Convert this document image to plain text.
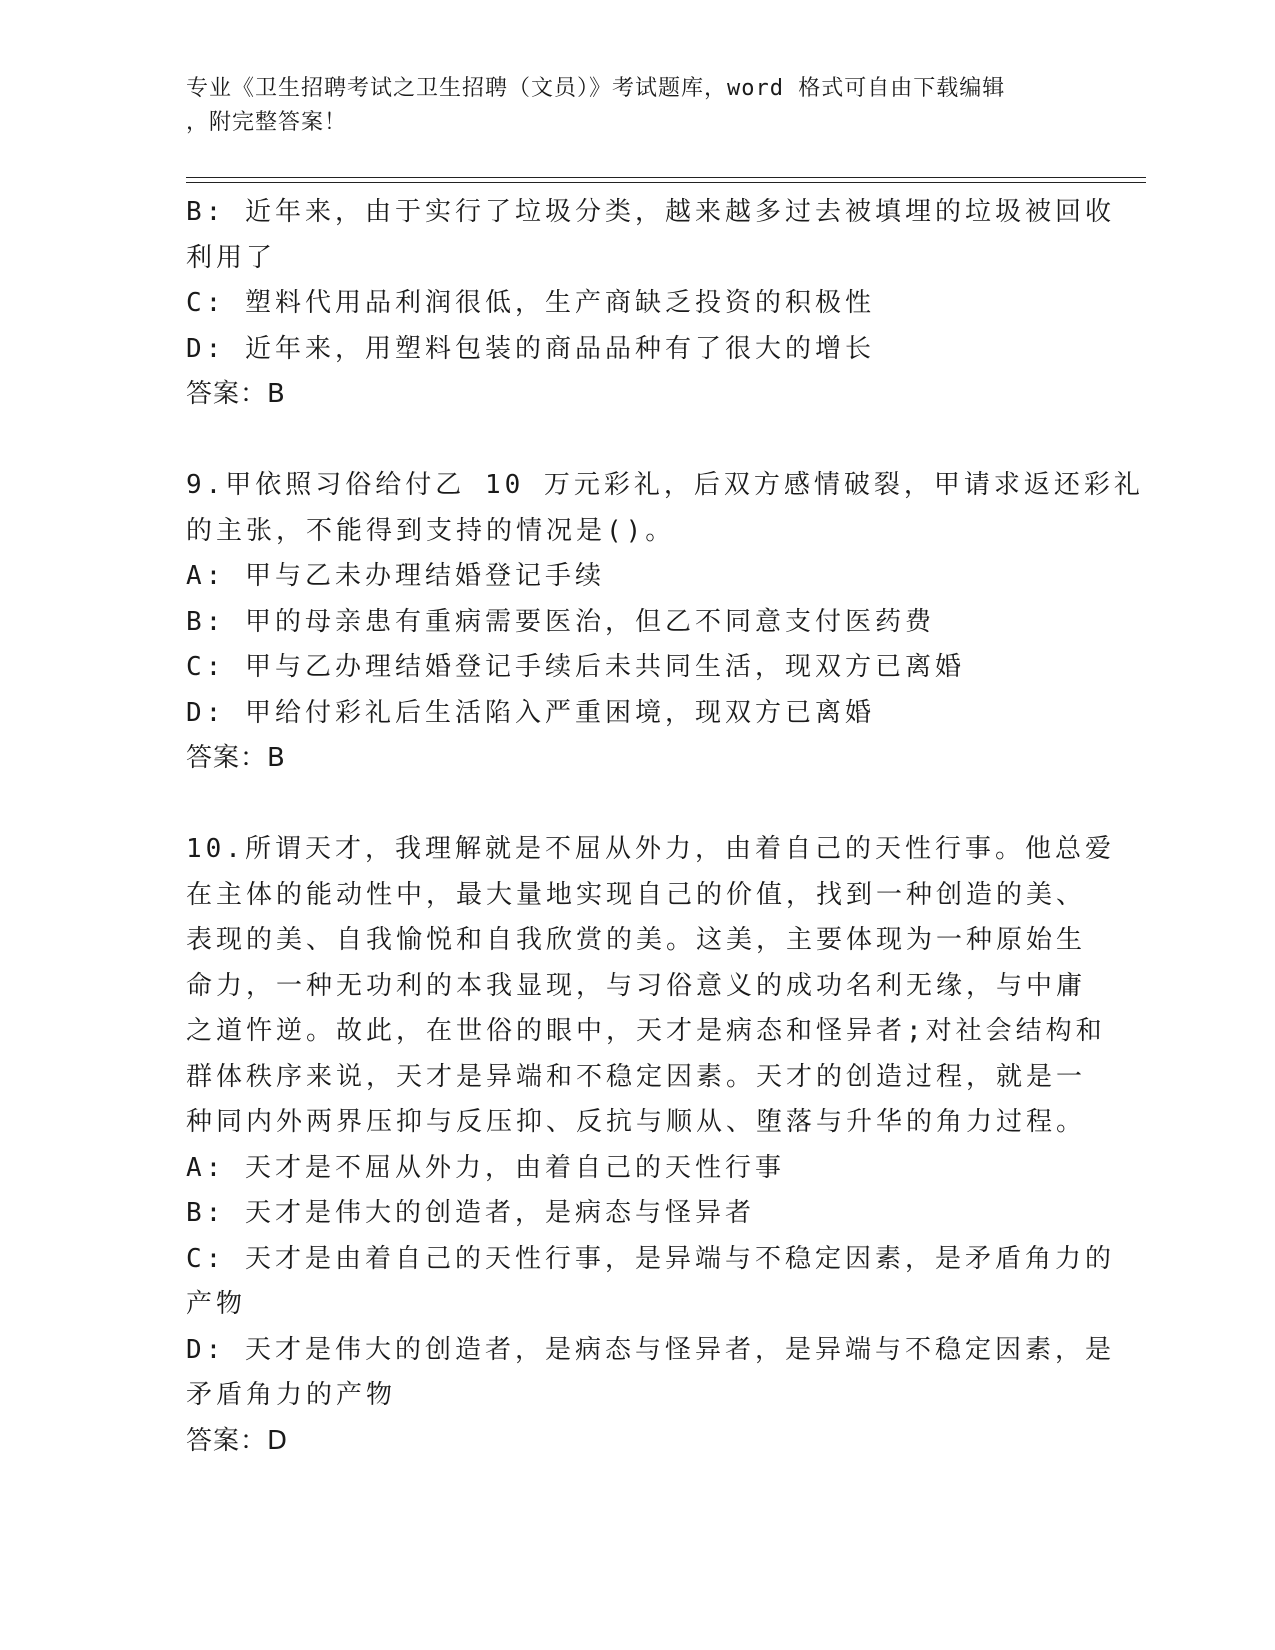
专业《卫生招聘考试之卫生招聘（文员）》考试题库，word 格式可自由下载编辑
，附完整答案！
B: 近年来，由于实行了垃圾分类，越来越多过去被填埋的垃圾被回收
利用了
C: 塑料代用品利润很低，生产商缺乏投资的积极性
D: 近年来，用塑料包装的商品品种有了很大的增长
答案：B
9.甲依照习俗给付乙 10 万元彩礼，后双方感情破裂，甲请求返还彩礼
的主张，不能得到支持的情况是()。
A: 甲与乙未办理结婚登记手续
B: 甲的母亲患有重病需要医治，但乙不同意支付医药费
C: 甲与乙办理结婚登记手续后未共同生活，现双方已离婚
D: 甲给付彩礼后生活陷入严重困境，现双方已离婚
答案：B
10.所谓天才，我理解就是不屈从外力，由着自己的天性行事。他总爱
在主体的能动性中，最大量地实现自己的价值，找到一种创造的美、
表现的美、自我愉悦和自我欣赏的美。这美，主要体现为一种原始生
命力，一种无功利的本我显现，与习俗意义的成功名利无缘，与中庸
之道忤逆。故此，在世俗的眼中，天才是病态和怪异者;对社会结构和
群体秩序来说，天才是异端和不稳定因素。天才的创造过程，就是一
种同内外两界压抑与反压抑、反抗与顺从、堕落与升华的角力过程。
A: 天才是不屈从外力，由着自己的天性行事
B: 天才是伟大的创造者，是病态与怪异者
C: 天才是由着自己的天性行事，是异端与不稳定因素，是矛盾角力的
产物
D: 天才是伟大的创造者，是病态与怪异者，是异端与不稳定因素，是
矛盾角力的产物
答案：D
